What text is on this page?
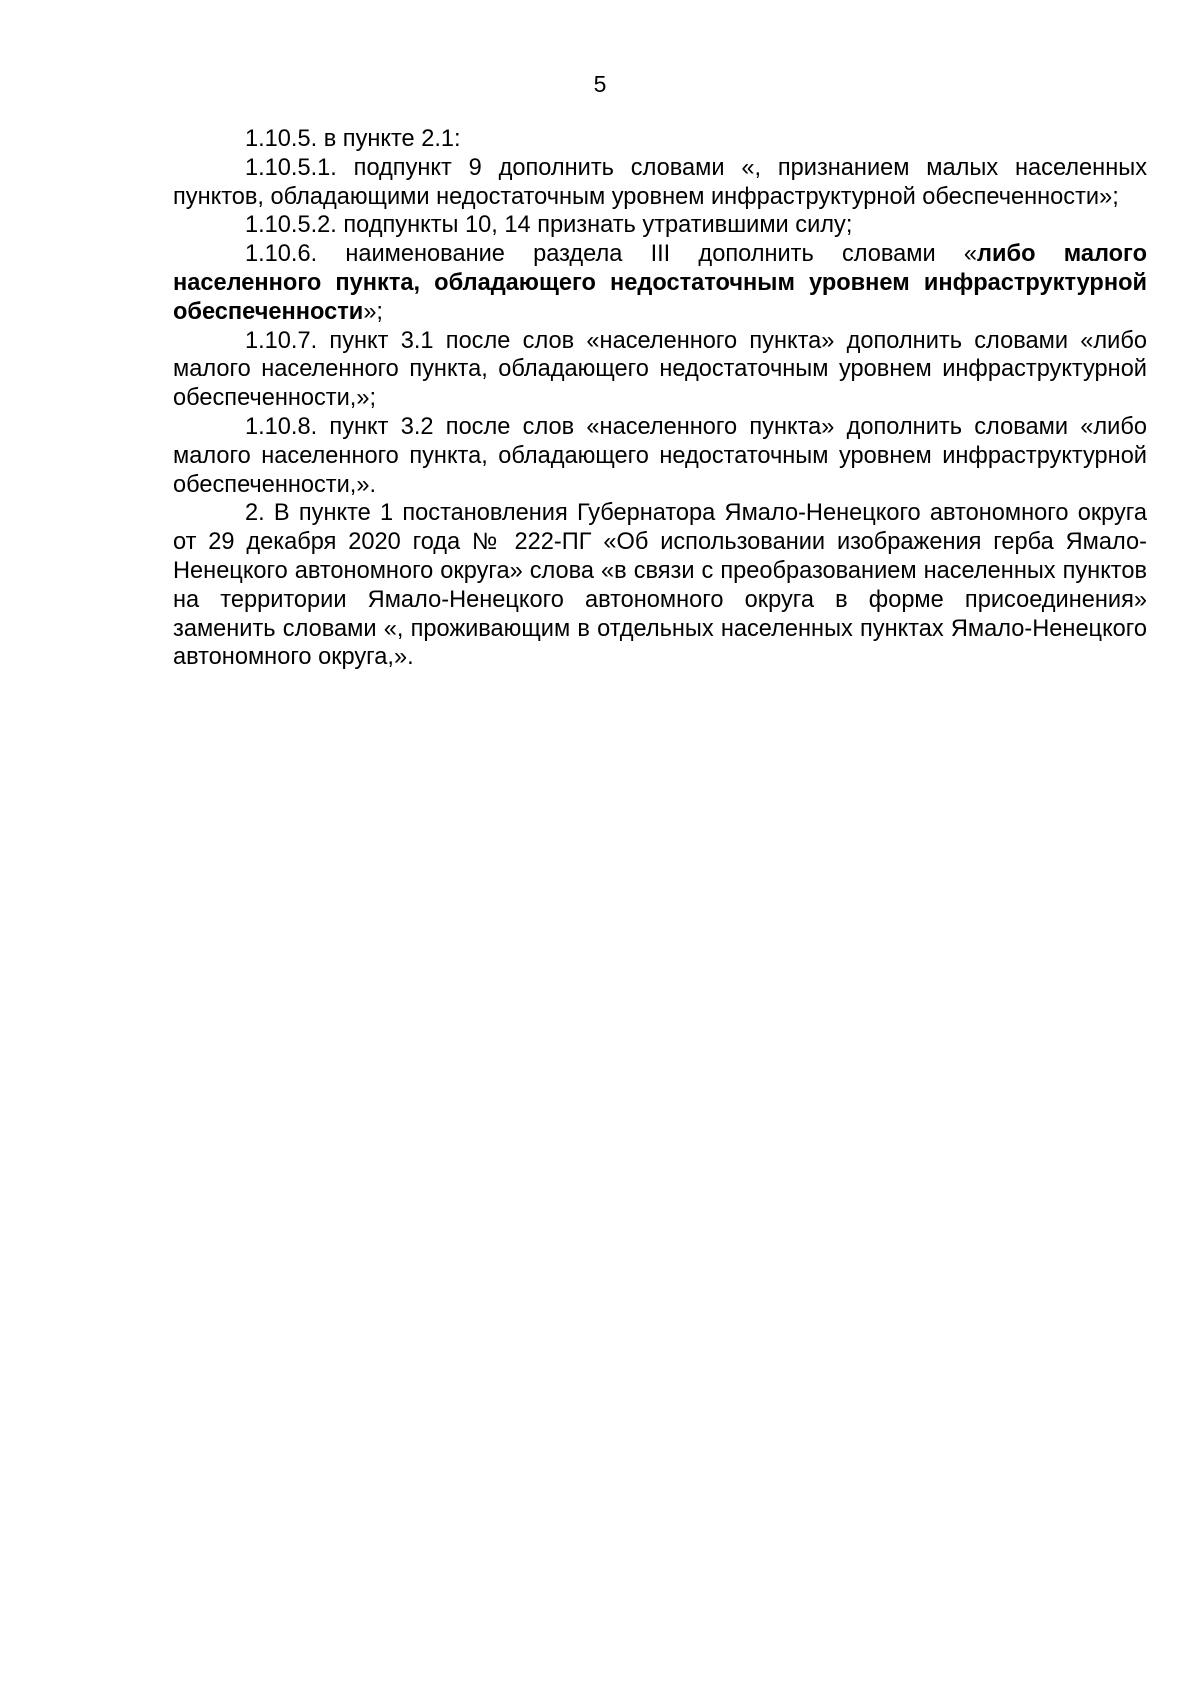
5

1.10.5. в пункте 2.1:

1.10.5.1. подпункт 9 дополнить словами «, признанием малых населенных пунктов, обладающими недостаточным уровнем инфраструктурной обеспеченности»;

1.10.5.2. подпункты 10, 14 признать утратившими силу;

1.10.6. наименование раздела III дополнить словами «либо малого населенного пункта, обладающего недостаточным уровнем инфраструктурной обеспеченности»;

1.10.7. пункт 3.1 после слов «населенного пункта» дополнить словами «либо малого населенного пункта, обладающего недостаточным уровнем инфраструктурной обеспеченности,»;

1.10.8. пункт 3.2 после слов «населенного пункта» дополнить словами «либо малого населенного пункта, обладающего недостаточным уровнем инфраструктурной обеспеченности,».

2. В пункте 1 постановления Губернатора Ямало-Ненецкого автономного округа от 29 декабря 2020 года № 222-ПГ «Об использовании изображения герба Ямало-Ненецкого автономного округа» слова «в связи с преобразованием населенных пунктов на территории Ямало-Ненецкого автономного округа в форме присоединения» заменить словами «, проживающим в отдельных населенных пунктах Ямало-Ненецкого автономного округа,».
